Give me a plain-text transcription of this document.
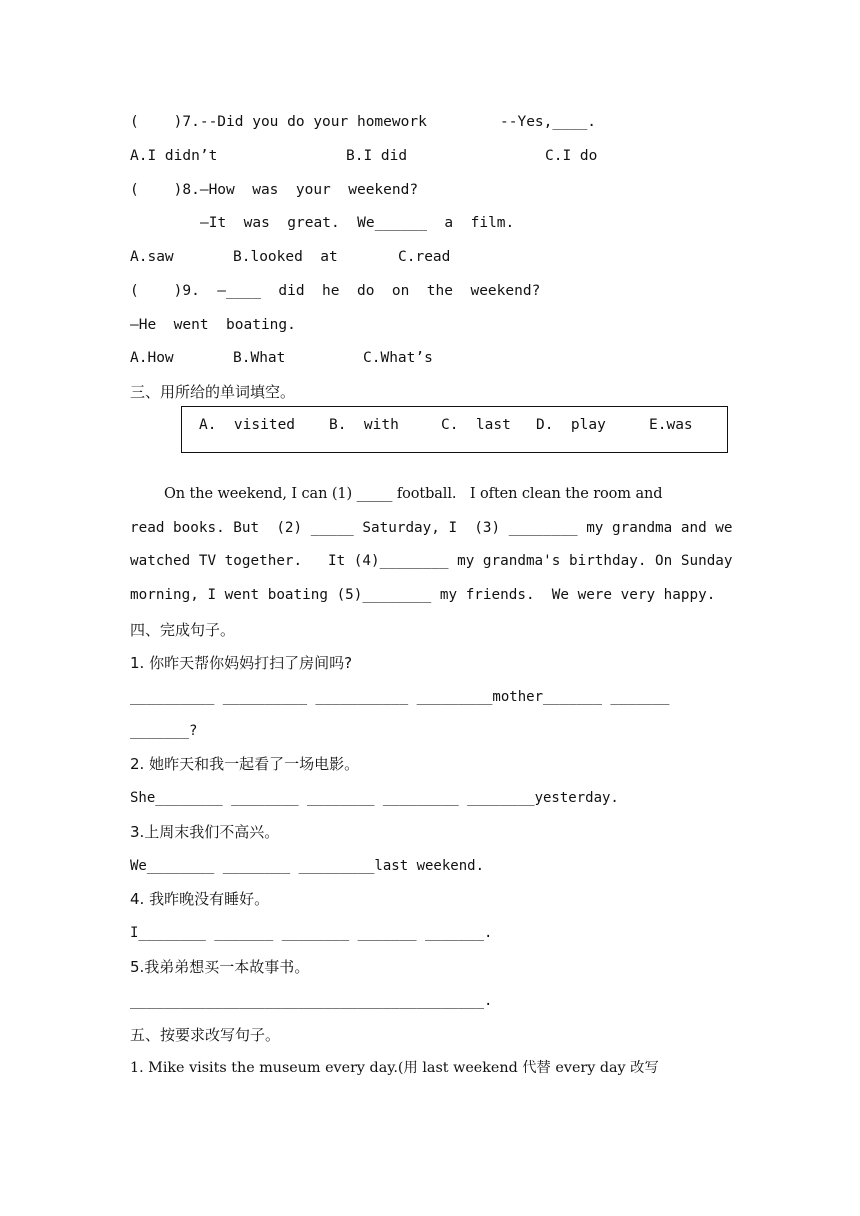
(    )7.--Did you do your homework	--Yes,____.
A.I didn’t	B.I did	C.I do
(    )8.—How  was  your  weekend?
—It  was  great.  We______  a  film.
A.saw	B.looked  at	C.read
(    )9.  —____  did  he  do  on  the  weekend?
—He  went  boating.
A.How	B.What	C.What’s
三、用所给的单词填空。
A.  visited B.  with	C.  last D.  play	E.was
On the weekend, I can (1) _____ football.   I often clean the room and
read books. But  (2) _____ Saturday, I  (3) ________ my grandma and we
watched TV together.   It (4)________ my grandma's birthday. On Sunday
morning, I went boating (5)________ my friends.  We were very happy.
四、完成句子。
1. 你昨天帮你妈妈打扫了房间吗?
__________ __________ ___________ _________mother_______ _______
_______?
2. 她昨天和我一起看了一场电影。
She________ ________ ________ _________ ________yesterday.
3.上周末我们不高兴。
We________ ________ _________last weekend.
4. 我昨晚没有睡好。
I________ _______ ________ _______ _______.
5.我弟弟想买一本故事书。
__________________________________________.
五、按要求改写句子。
1. Mike visits the museum every day.(用 last weekend 代替 every day 改写
